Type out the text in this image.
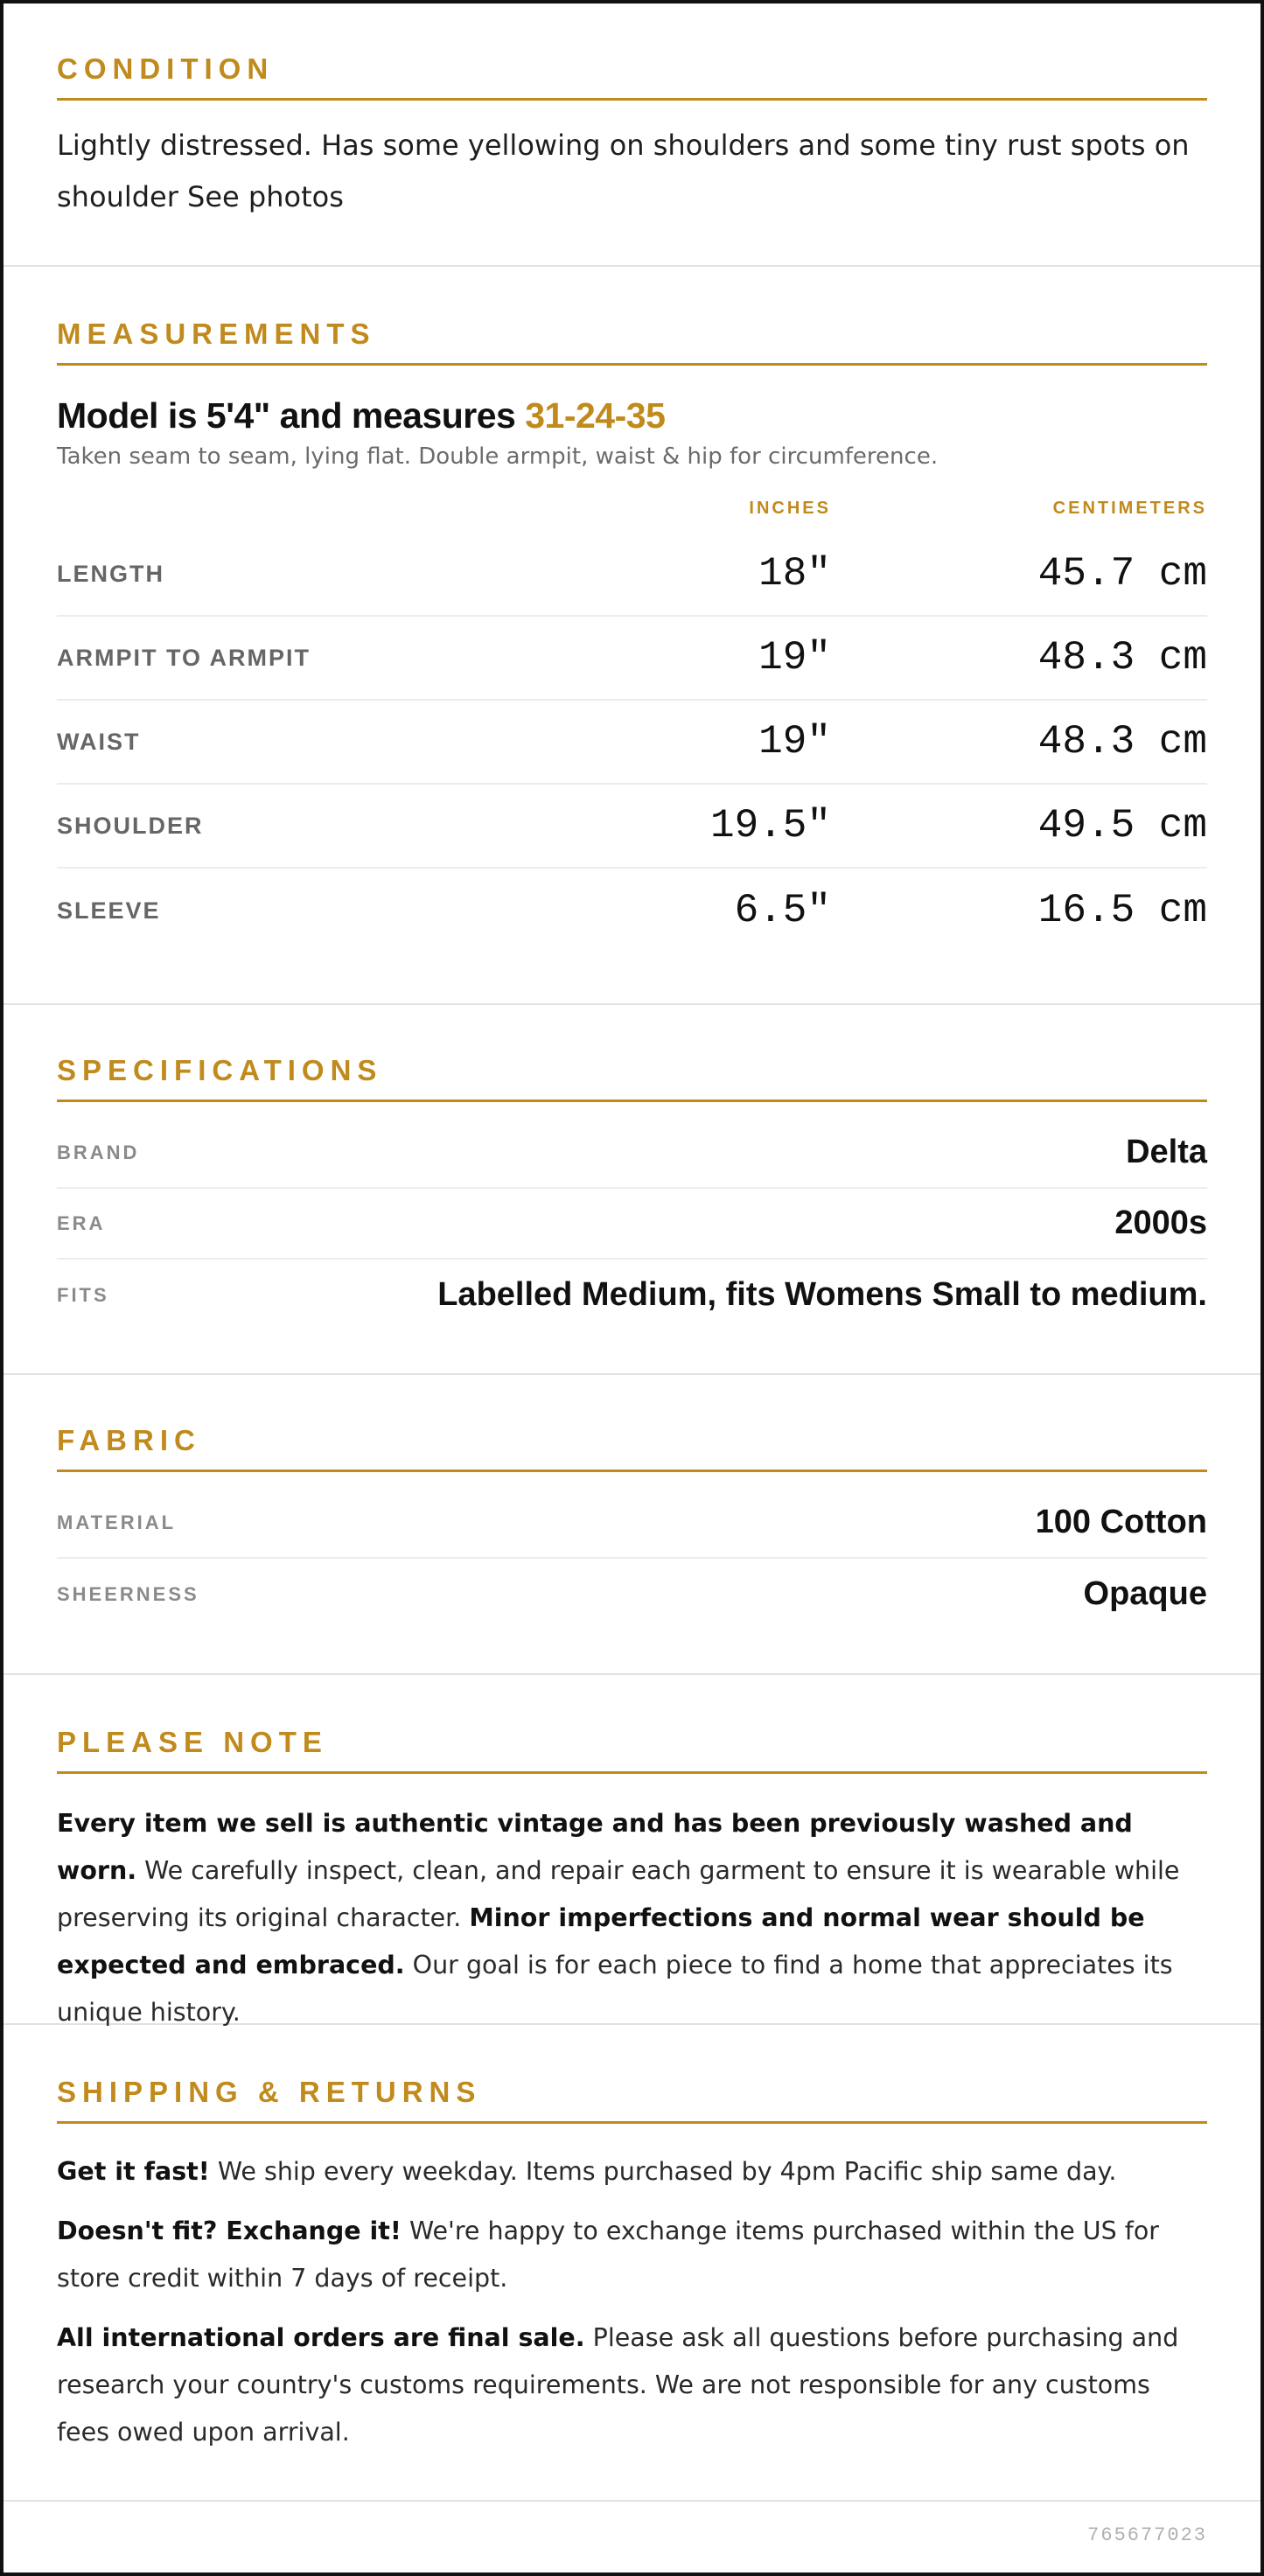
CONDITION

Lightly distressed. Has some yellowing on shoulders and some tiny rust spots on shoulder See photos

MEASUREMENTS
Model is 5'4" and measures 31-24-35

Taken seam to seam, lying flat. Double armpit, waist & hip for circumference.

INCHES	CENTIMETERS
LENGTH	18"	45.7 cm
ARMPIT TO ARMPIT	19"	48.3 cm
WAIST	19"	48.3 cm
SHOULDER	19.5"	49.5 cm
SLEEVE	6.5"	16.5 cm
SPECIFICATIONS
BRAND	Delta
ERA	2000s
FITS	Labelled Medium, fits Womens Small to medium.
FABRIC
MATERIAL	100 Cotton
SHEERNESS	Opaque
PLEASE NOTE

Every item we sell is authentic vintage and has been previously washed and worn. We carefully inspect, clean, and repair each garment to ensure it is wearable while preserving its original character. Minor imperfections and normal wear should be expected and embraced. Our goal is for each piece to find a home that appreciates its unique history.

SHIPPING & RETURNS

Get it fast! We ship every weekday. Items purchased by 4pm Pacific ship same day.

Doesn't fit? Exchange it! We're happy to exchange items purchased within the US for store credit within 7 days of receipt.

All international orders are final sale. Please ask all questions before purchasing and research your country's customs requirements. We are not responsible for any customs fees owed upon arrival.

765677023
